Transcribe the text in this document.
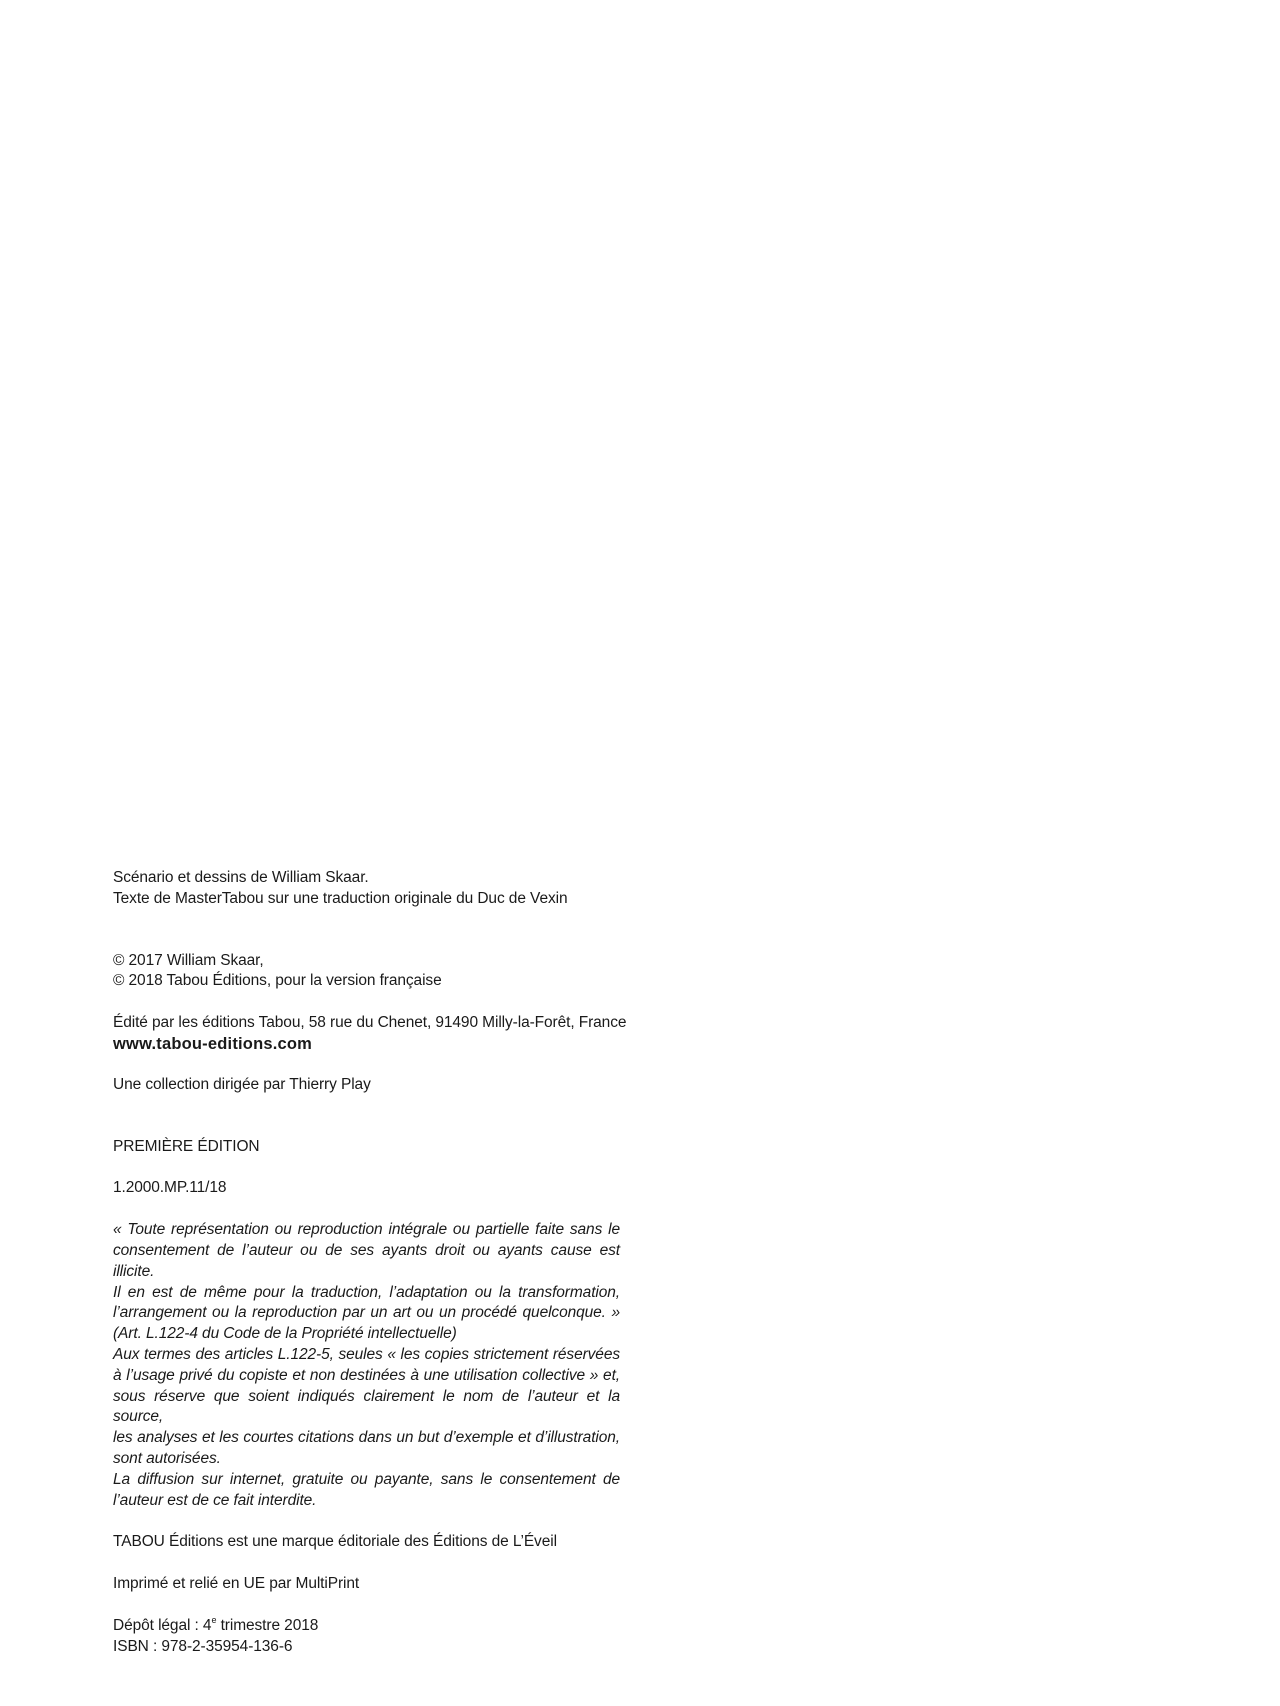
Scénario et dessins de William Skaar.
Texte de MasterTabou sur une traduction originale du Duc de Vexin
© 2017 William Skaar,
© 2018 Tabou Éditions, pour la version française
Édité par les éditions Tabou, 58 rue du Chenet, 91490 Milly-la-Forêt, France
www.tabou-editions.com
Une collection dirigée par Thierry Play
PREMIÈRE ÉDITION
1.2000.MP.11/18
« Toute représentation ou reproduction intégrale ou partielle faite sans le
consentement de l’auteur ou de ses ayants droit ou ayants cause est illicite.
Il en est de même pour la traduction, l’adaptation ou la transformation,
l’arrangement ou la reproduction par un art ou un procédé quelconque. »
(Art. L.122-4 du Code de la Propriété intellectuelle)
Aux termes des articles L.122-5, seules « les copies strictement réservées
à l’usage privé du copiste et non destinées à une utilisation collective » et,
sous réserve que soient indiqués clairement le nom de l’auteur et la source,
les analyses et les courtes citations dans un but d’exemple et d’illustration,
sont autorisées.
La diffusion sur internet, gratuite ou payante, sans le consentement de
l’auteur est de ce fait interdite.
TABOU Éditions est une marque éditoriale des Éditions de L’Éveil
Imprimé et relié en UE par MultiPrint
Dépôt légal : 4e trimestre 2018
ISBN : 978-2-35954-136-6
